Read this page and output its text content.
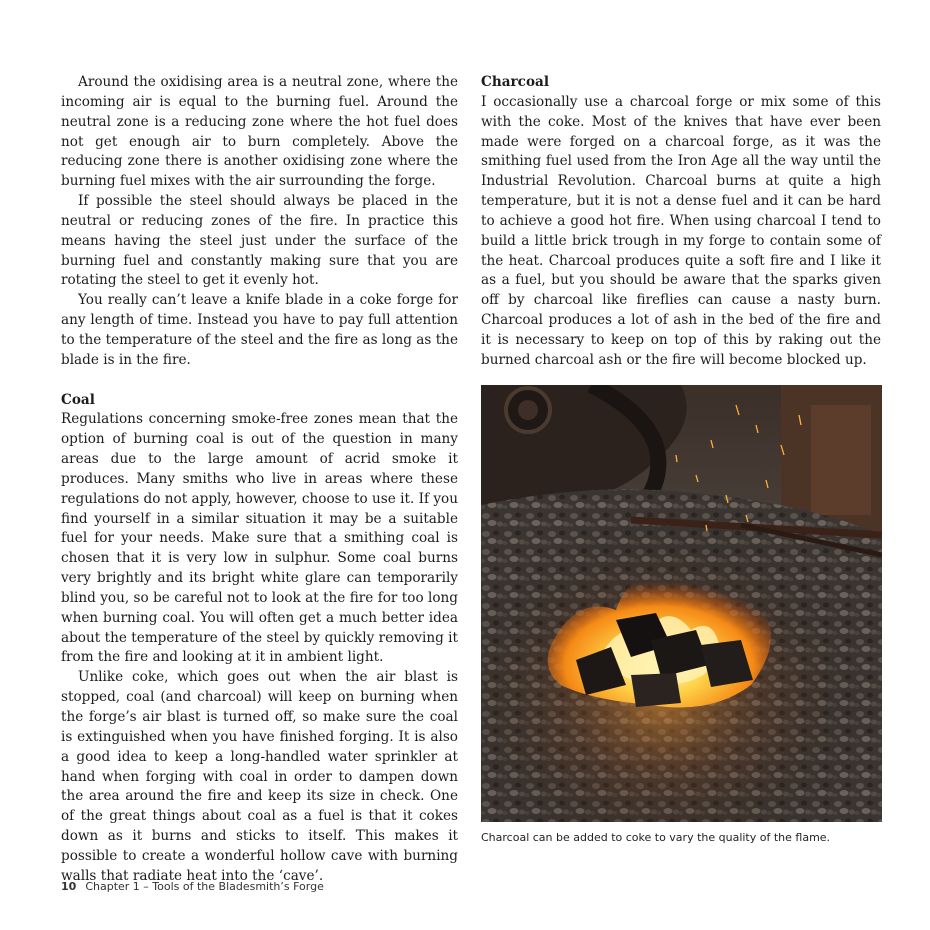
Around the oxidising area is a neutral zone, where the incoming air is equal to the burning fuel. Around the neutral zone is a reducing zone where the hot fuel does not get enough air to burn completely. Above the reducing zone there is another oxidising zone where the burning fuel mixes with the air surrounding the forge.

If possible the steel should always be placed in the neutral or reducing zones of the fire. In practice this means having the steel just under the surface of the burning fuel and constantly making sure that you are rotating the steel to get it evenly hot.

You really can’t leave a knife blade in a coke forge for any length of time. Instead you have to pay full attention to the temperature of the steel and the fire as long as the blade is in the fire.

Coal

Regulations concerning smoke-free zones mean that the option of burning coal is out of the question in many areas due to the large amount of acrid smoke it produces. Many smiths who live in areas where these regulations do not apply, however, choose to use it. If you find yourself in a similar situation it may be a suitable fuel for your needs. Make sure that a smithing coal is chosen that it is very low in sulphur. Some coal burns very brightly and its bright white glare can temporarily blind you, so be careful not to look at the fire for too long when burning coal. You will often get a much better idea about the temperature of the steel by quickly removing it from the fire and looking at it in ambient light.

Unlike coke, which goes out when the air blast is stopped, coal (and charcoal) will keep on burning when the forge’s air blast is turned off, so make sure the coal is extinguished when you have finished forging. It is also a good idea to keep a long-handled water sprinkler at hand when forging with coal in order to dampen down the area around the fire and keep its size in check. One of the great things about coal as a fuel is that it cokes down as it burns and sticks to itself. This makes it possible to create a wonderful hollow cave with burning walls that radiate heat into the ‘cave’.

Charcoal

I occasionally use a charcoal forge or mix some of this with the coke. Most of the knives that have ever been made were forged on a charcoal forge, as it was the smithing fuel used from the Iron Age all the way until the Industrial Revolution. Charcoal burns at quite a high temperature, but it is not a dense fuel and it can be hard to achieve a good hot fire. When using charcoal I tend to build a little brick trough in my forge to contain some of the heat. Charcoal produces quite a soft fire and I like it as a fuel, but you should be aware that the sparks given off by charcoal like fireflies can cause a nasty burn. Charcoal produces a lot of ash in the bed of the fire and it is necessary to keep on top of this by raking out the burned charcoal ash or the fire will become blocked up.

Charcoal can be added to coke to vary the quality of the flame.
10 Chapter 1 – Tools of the Bladesmith’s Forge
